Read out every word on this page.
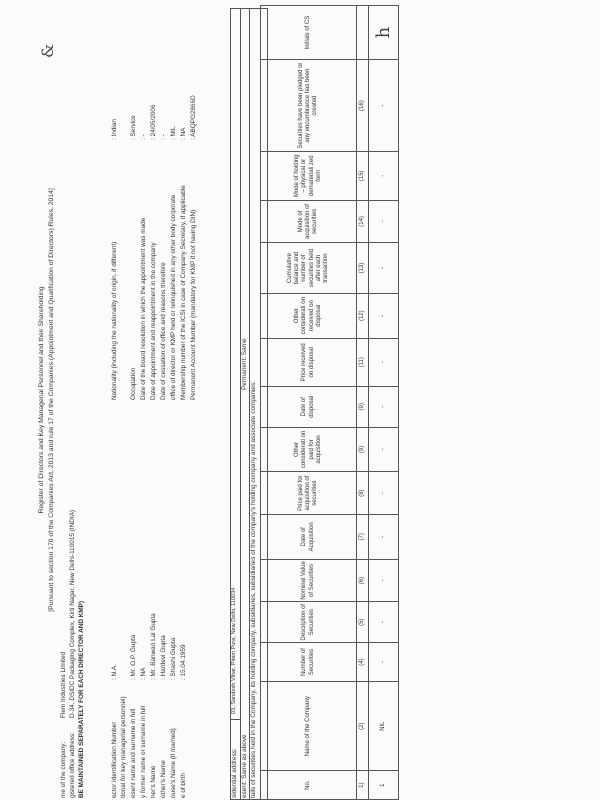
Register of Directors and Key Managerial Personnel and their Shareholding [Pursuant to section 170 of the Companies Act, 2013 and rule 17 of the Companies (Appointment and Qualification of Directors) Rules, 2014]
&
me of the company:
Flem Industries Limited
gistered office address:
D-34, DSIDC Packaging Complex, Kirti Nagar, New Delhi-110015 (INDIA) BE MAINTAINED SEPARATELY FOR EACH DIRECTOR AND KMP)	ector Identification Number
: N.A.
tional for key managerial personnel) esent name and surname in full
: Mr. O.P. Gupta
y former name or surname in full
: NA
her's Name
: Mr. Banwari Lal Gupta
other's Name
: Hardevi Gupta
ouse's Name (if married)
: Shashi Gupta
e of birth
: 15.04.1959
Nationality (including the nationality of origin, if different)
: Indian
Occupation
: Service
Date of the board resolution in which the appointment was made
: -
Date of appointment and reappointment in the company
: 24/05/2006
Date of cessation of office and reasons therefore
: -
office of director or KMP held or relinquished in any other body corporate
: NIL
Membership number of the ICSI in case of Company Secretary, if applicable
: NA
Permanent Account Number (mandatory for KMP if not having DIN)
: ABQPG2866D
sidential address:
03, Sandesh Vihar, Pitam Pura, New Delhi, 110034
esent: Same as above
Permanent: Same
tails of securities held in the Company, its holding company, subsidiaries, subsidiaries of the company's holding company and associate companies:	No.	Name of the Company	Number of Securities	Description of Securities	Nominal Value of Securities	Date of Acquisition	Price paid for acquisition of securities	Other considerati on paid for acquisition	Date of disposal	Price received on disposal	Other considerati on received on disposal	Cumulative balance and number of securities held after each transaction	Mode of acquisition of securities	Mode of holding – physical or demateriali zed form	Securities have been pledged or any encumbrance has been created	Initials of CS
1)	(2)	(4)	(5)	(6)	(7)	(8)	(9)	(9)	(11)	(12)	(13)	(14)	(15)	(16)	
1	NIL	-	-	-	-	-	-	-	-	-	-	-	-	-	h
